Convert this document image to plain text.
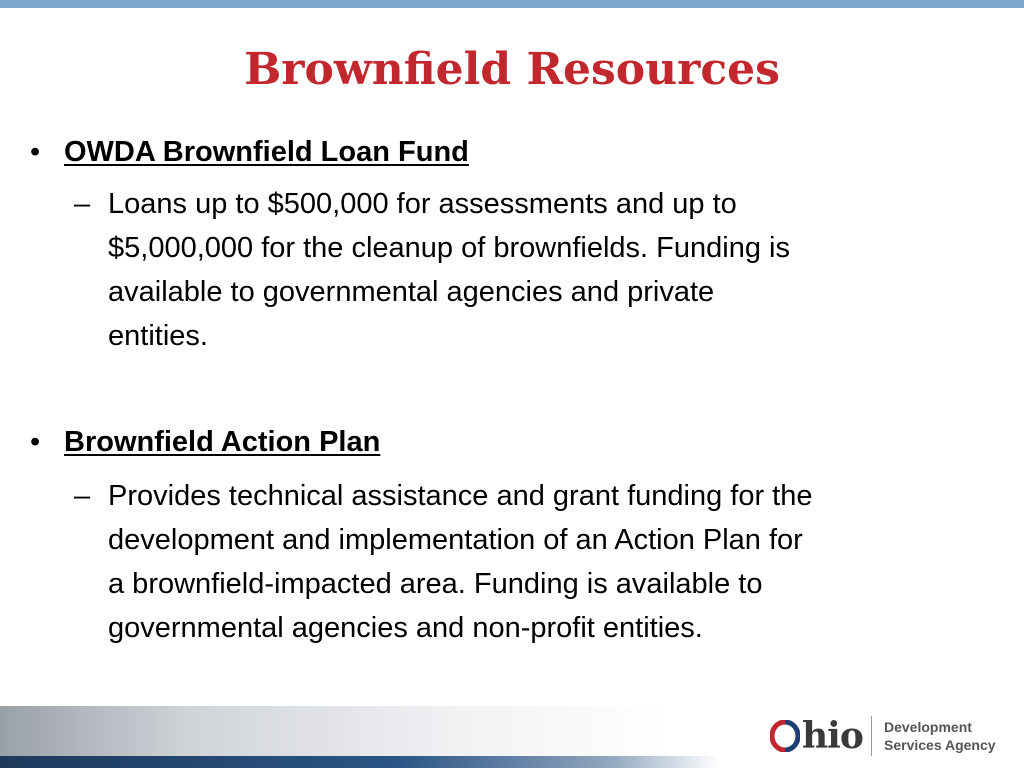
Brownfield Resources
• OWDA Brownfield Loan Fund
– Loans up to $500,000 for assessments and up to
$5,000,000 for the cleanup of brownfields. Funding is
available to governmental agencies and private
entities.
• Brownfield Action Plan
– Provides technical assistance and grant funding for the
development and implementation of an Action Plan for
a brownfield-impacted area. Funding is available to
governmental agencies and non-profit entities.
hio Development
Services Agency
